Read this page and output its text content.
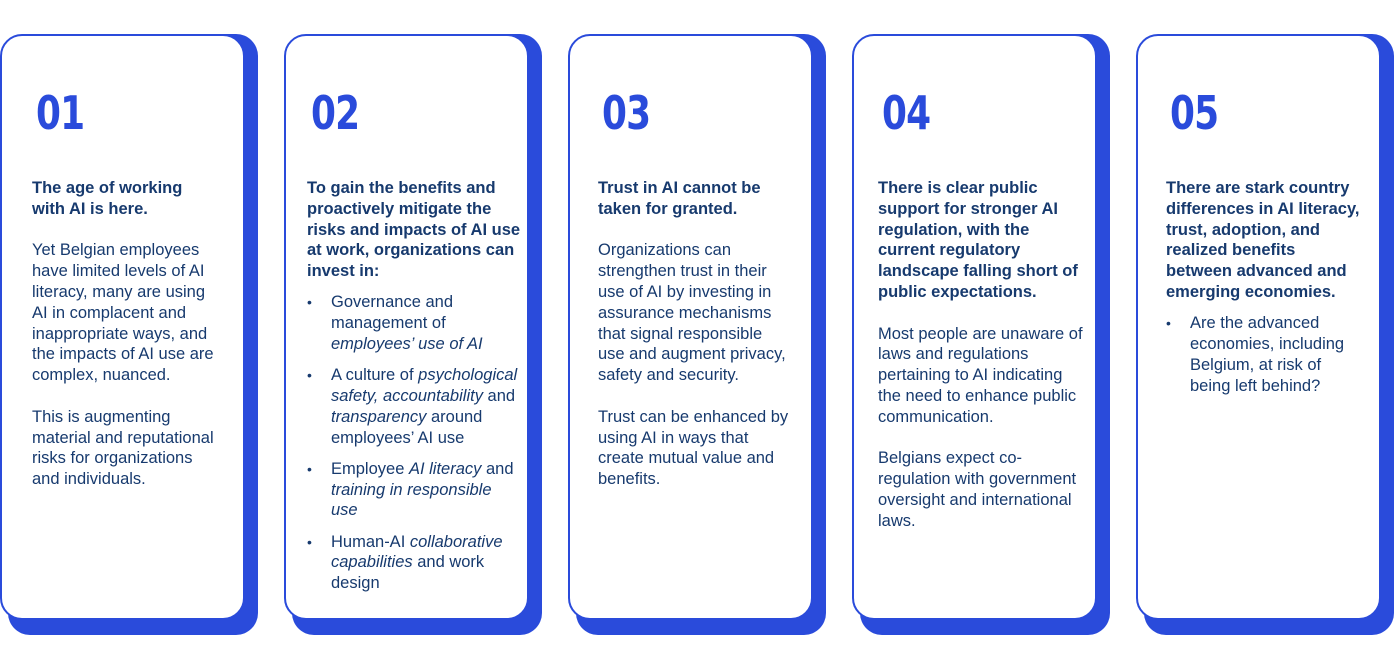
01
The age of working with AI is here.
Yet Belgian employees have limited levels of AI literacy, many are using AI in complacent and inappropriate ways, and the impacts of AI use are complex, nuanced.
This is augmenting material and reputational risks for organizations and individuals.
02
To gain the benefits and proactively mitigate the risks and impacts of AI use at work, organizations can invest in:
• Governance and management of employees’ use of AI
• A culture of psychological safety, accountability and transparency around employees’ AI use
• Employee AI literacy and training in responsible use
• Human-AI collaborative capabilities and work design
03
Trust in AI cannot be taken for granted.
Organizations can strengthen trust in their use of AI by investing in assurance mechanisms that signal responsible use and augment privacy, safety and security.
Trust can be enhanced by using AI in ways that create mutual value and benefits.
04
There is clear public support for stronger AI regulation, with the current regulatory landscape falling short of public expectations.
Most people are unaware of laws and regulations pertaining to AI indicating the need to enhance public communication.
Belgians expect co-regulation with government oversight and international laws.
05
There are stark country differences in AI literacy, trust, adoption, and realized benefits between advanced and emerging economies.
• Are the advanced economies, including Belgium, at risk of being left behind?
